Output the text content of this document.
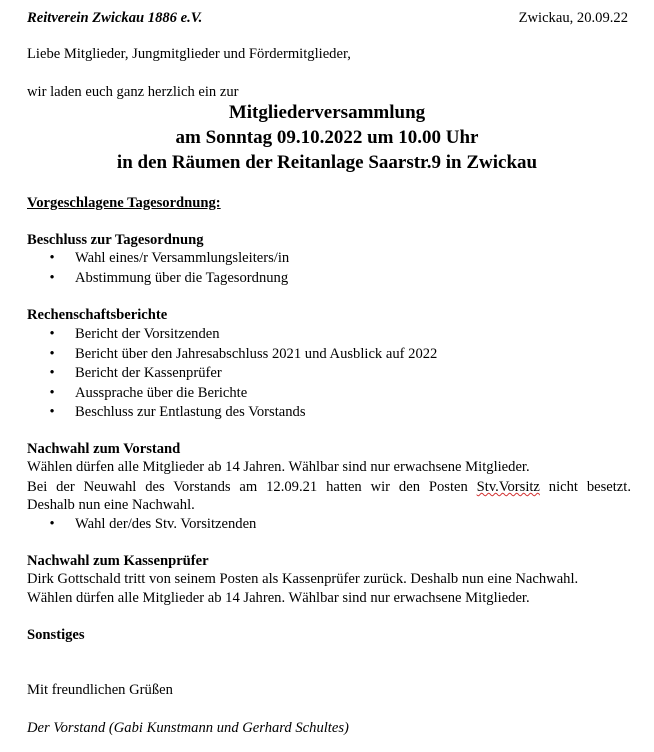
Reitverein Zwickau 1886 e.V.	Zwickau, 20.09.22
Liebe Mitglieder, Jungmitglieder und Fördermitglieder,
wir laden euch ganz herzlich ein zur
Mitgliederversammlung
am Sonntag 09.10.2022 um 10.00 Uhr
in den Räumen der Reitanlage Saarstr.9 in Zwickau
Vorgeschlagene Tagesordnung:
Beschluss zur Tagesordnung
• Wahl eines/r Versammlungsleiters/in
• Abstimmung über die Tagesordnung
Rechenschaftsberichte
• Bericht der Vorsitzenden
• Bericht über den Jahresabschluss 2021 und Ausblick auf 2022
• Bericht der Kassenprüfer
• Aussprache über die Berichte
• Beschluss zur Entlastung des Vorstands
Nachwahl zum Vorstand
Wählen dürfen alle Mitglieder ab 14 Jahren. Wählbar sind nur erwachsene Mitglieder.
Bei der Neuwahl des Vorstands am 12.09.21 hatten wir den Posten Stv.Vorsitz nicht besetzt.
Deshalb nun eine Nachwahl.
• Wahl der/des Stv. Vorsitzenden
Nachwahl zum Kassenprüfer
Dirk Gottschald tritt von seinem Posten als Kassenprüfer zurück. Deshalb nun eine Nachwahl.
Wählen dürfen alle Mitglieder ab 14 Jahren. Wählbar sind nur erwachsene Mitglieder.
Sonstiges
Mit freundlichen Grüßen
Der Vorstand (Gabi Kunstmann und Gerhard Schultes)
